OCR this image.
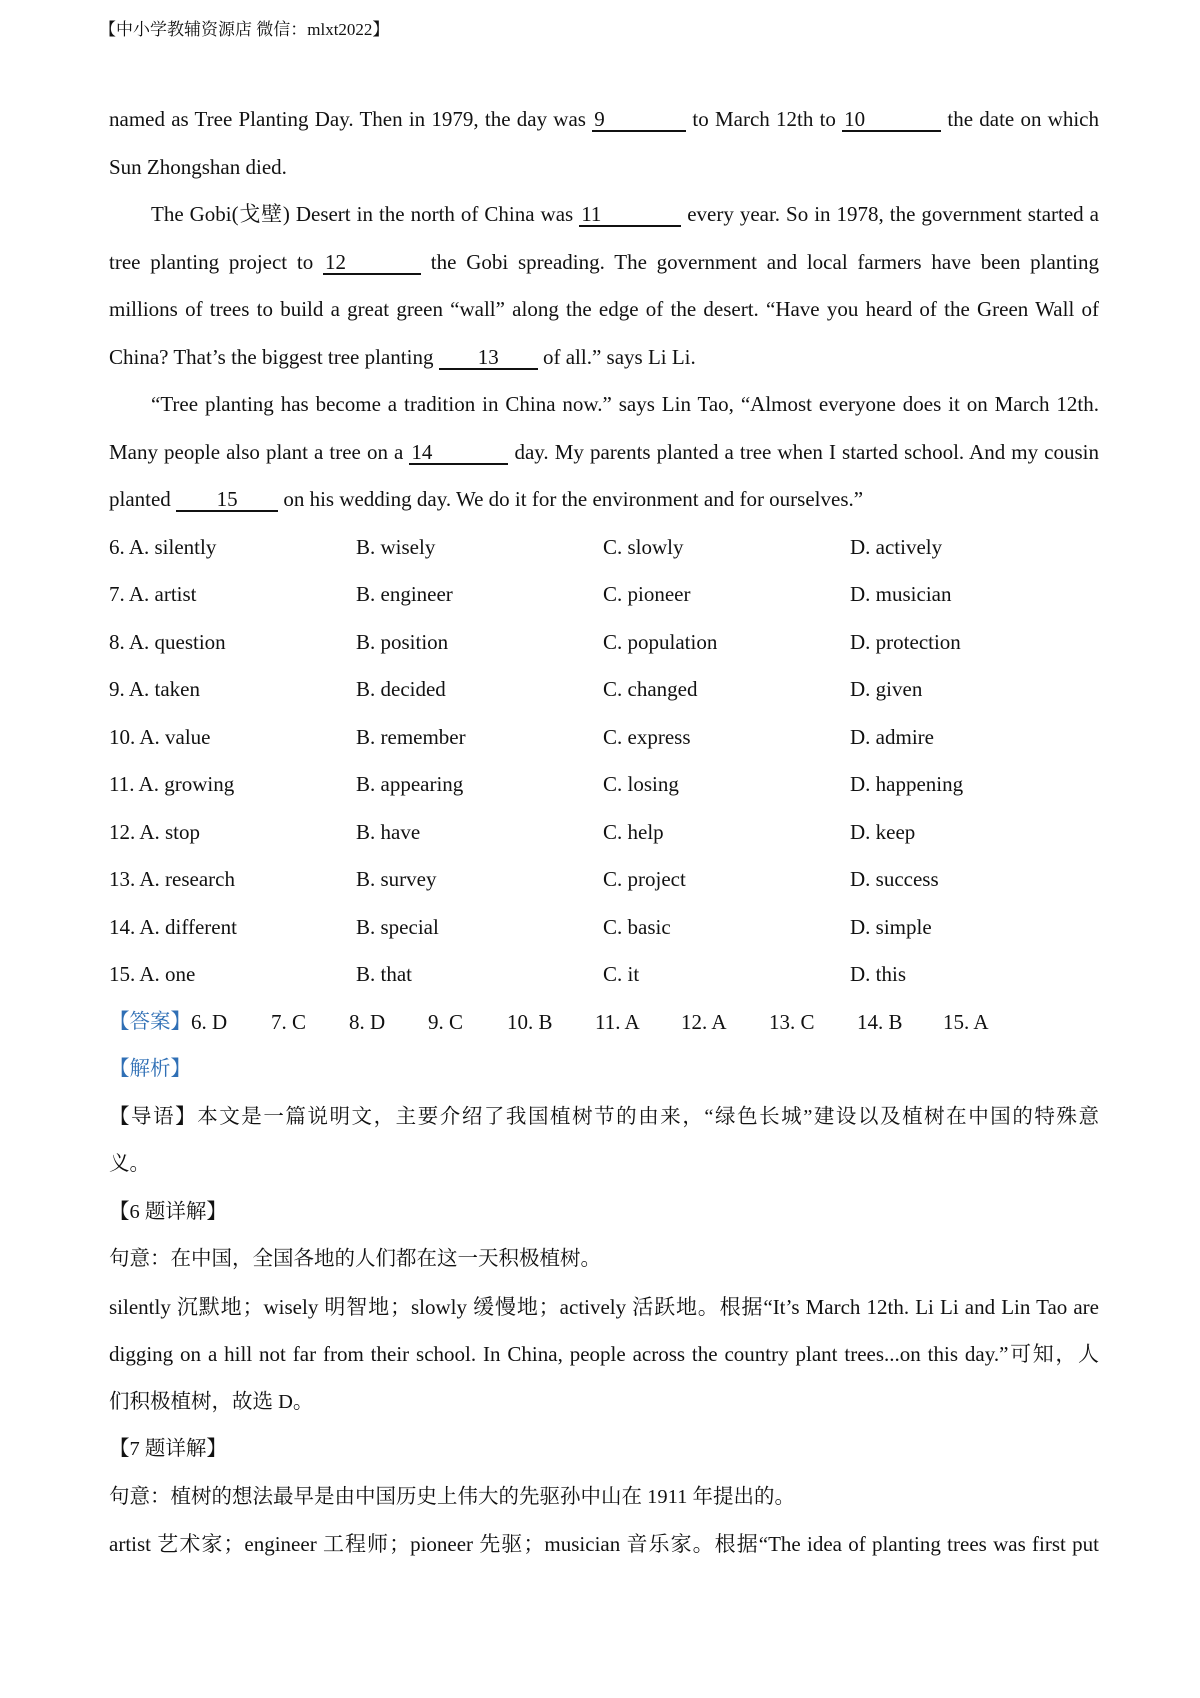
【中小学教辅资源店 微信：mlxt2022】
named as Tree Planting Day. Then in 1979, the day was 9	to March 12th to 10	the date on which
Sun Zhongshan died.
The Gobi(戈壁) Desert in the north of China was 11	every year. So in 1978, the government started a
tree planting project to 12	the Gobi spreading. The government and local farmers have been planting
millions of trees to build a great green “wall” along the edge of the desert. “Have you heard of the Green Wall of
China? That’s the biggest tree planting 13 of all.” says Li Li.
“Tree planting has become a tradition in China now.” says Lin Tao, “Almost everyone does it on March 12th.
Many people also plant a tree on a 14	day. My parents planted a tree when I started school. And my cousin
planted 15 on his wedding day. We do it for the environment and for ourselves.”
6. A. silently	B. wisely	C. slowly	D. actively
7. A. artist	B. engineer	C. pioneer	D. musician
8. A. question	B. position	C. population	D. protection
9. A. taken	B. decided	C. changed	D. given
10. A. value	B. remember	C. express	D. admire
11. A. growing	B. appearing	C. losing	D. happening
12. A. stop	B. have	C. help	D. keep
13. A. research	B. survey	C. project	D. success
14. A. different	B. special	C. basic	D. simple
15. A. one	B. that	C. it	D. this
【答案】 6. D	7. C	8. D	9. C	10. B	11. A	12. A	13. C	14. B	15. A
【解析】
【导语】本文是一篇说明文，主要介绍了我国植树节的由来，“绿色长城”建设以及植树在中国的特殊意
义。
【6 题详解】
句意：在中国，全国各地的人们都在这一天积极植树。
silently 沉默地；wisely 明智地；slowly 缓慢地；actively 活跃地。根据“It’s March 12th. Li Li and Lin Tao are
digging on a hill not far from their school. In China, people across the country plant trees...on this day.”可知，人
们积极植树，故选 D。
【7 题详解】
句意：植树的想法最早是由中国历史上伟大的先驱孙中山在 1911 年提出的。
artist 艺术家；engineer 工程师；pioneer 先驱；musician 音乐家。根据“The idea of planting trees was first put
